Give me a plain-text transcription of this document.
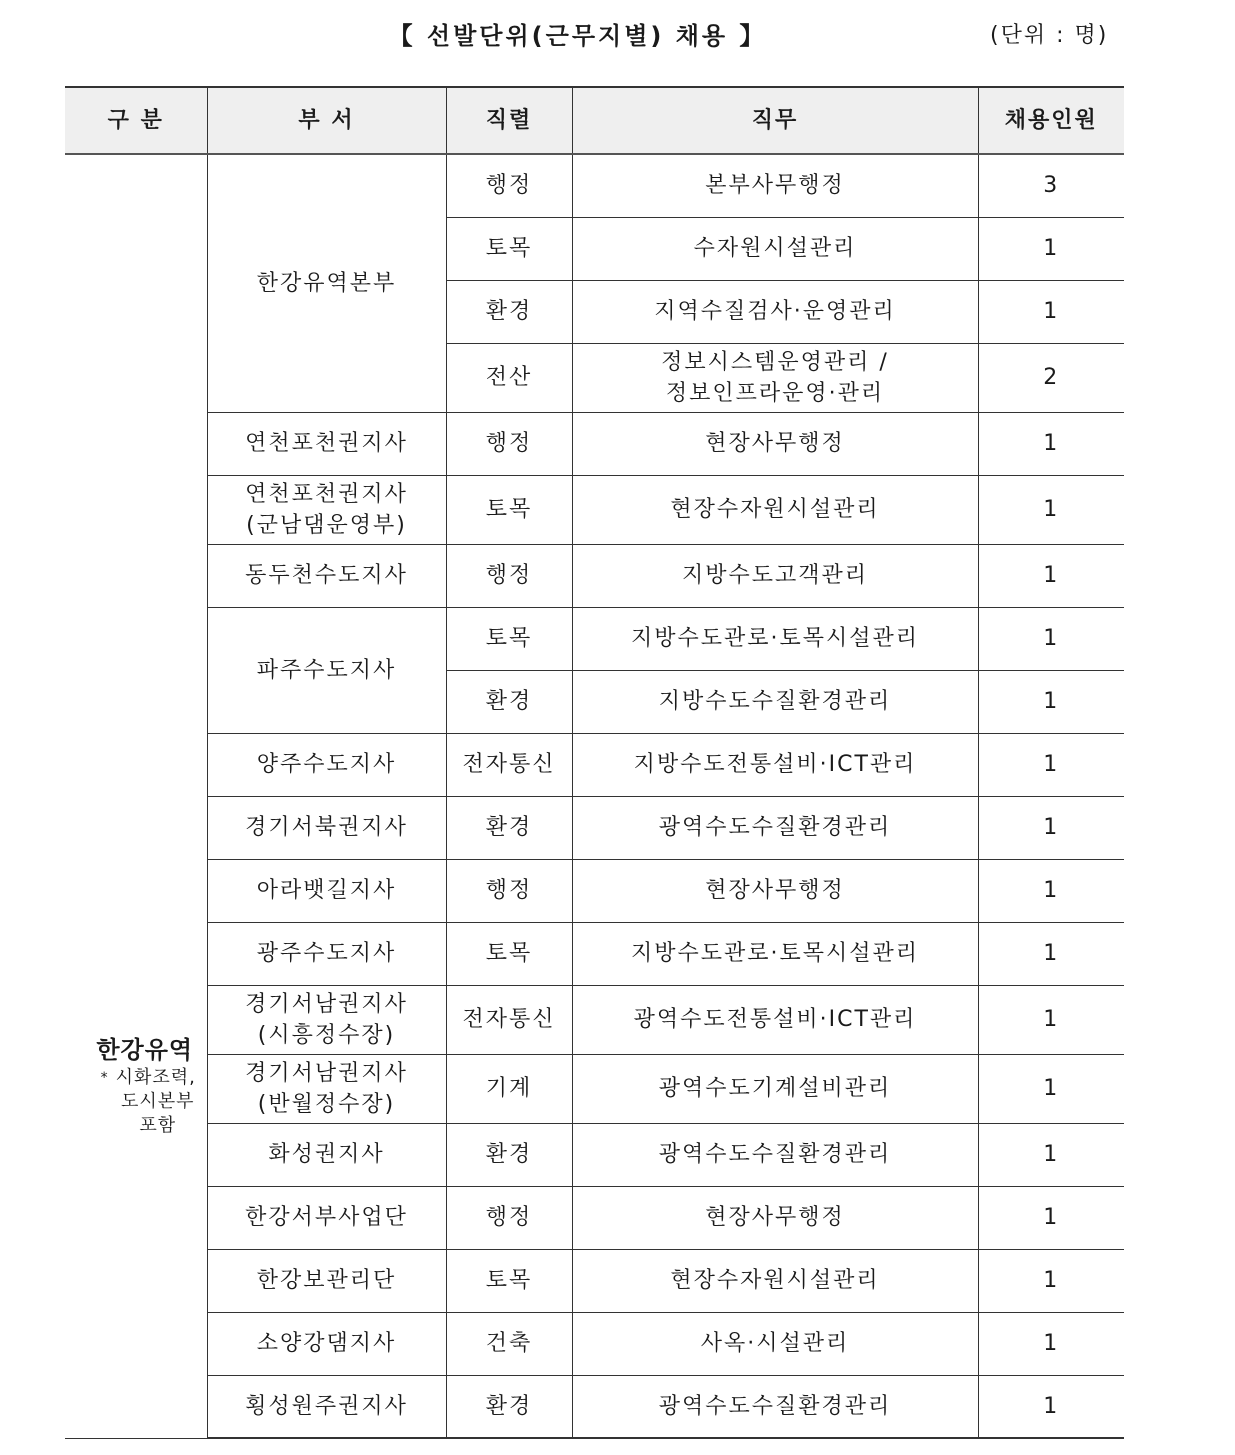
【 선발단위(근무지별) 채용 】	(단위 : 명)
구 분	부 서	직렬	직무	채용인원

한강유역
* 시화조력,
도시본부
포함	한강유역본부	행정	본부사무행정	3
		토목	수자원시설관리	1
		환경	지역수질검사·운영관리	1
		전산	정보시스템운영관리 /
정보인프라운영·관리	2
	연천포천권지사	행정	현장사무행정	1

	연천포천권지사
(군남댐운영부)	토목	현장수자원시설관리	1
	동두천수도지사	행정	지방수도고객관리	1
	파주수도지사	토목	지방수도관로·토목시설관리	1
		환경	지방수도수질환경관리	1
	양주수도지사	전자통신	지방수도전통설비·ICT관리	1
	경기서북권지사	환경	광역수도수질환경관리	1
	아라뱃길지사	행정	현장사무행정	1
	광주수도지사	토목	지방수도관로·토목시설관리	1

	경기서남권지사
(시흥정수장)	전자통신	광역수도전통설비·ICT관리	1

	경기서남권지사
(반월정수장)	기계	광역수도기계설비관리	1
	화성권지사	환경	광역수도수질환경관리	1
	한강서부사업단	행정	현장사무행정	1
	한강보관리단	토목	현장수자원시설관리	1
	소양강댐지사	건축	사옥·시설관리	1
	횡성원주권지사	환경	광역수도수질환경관리	1
